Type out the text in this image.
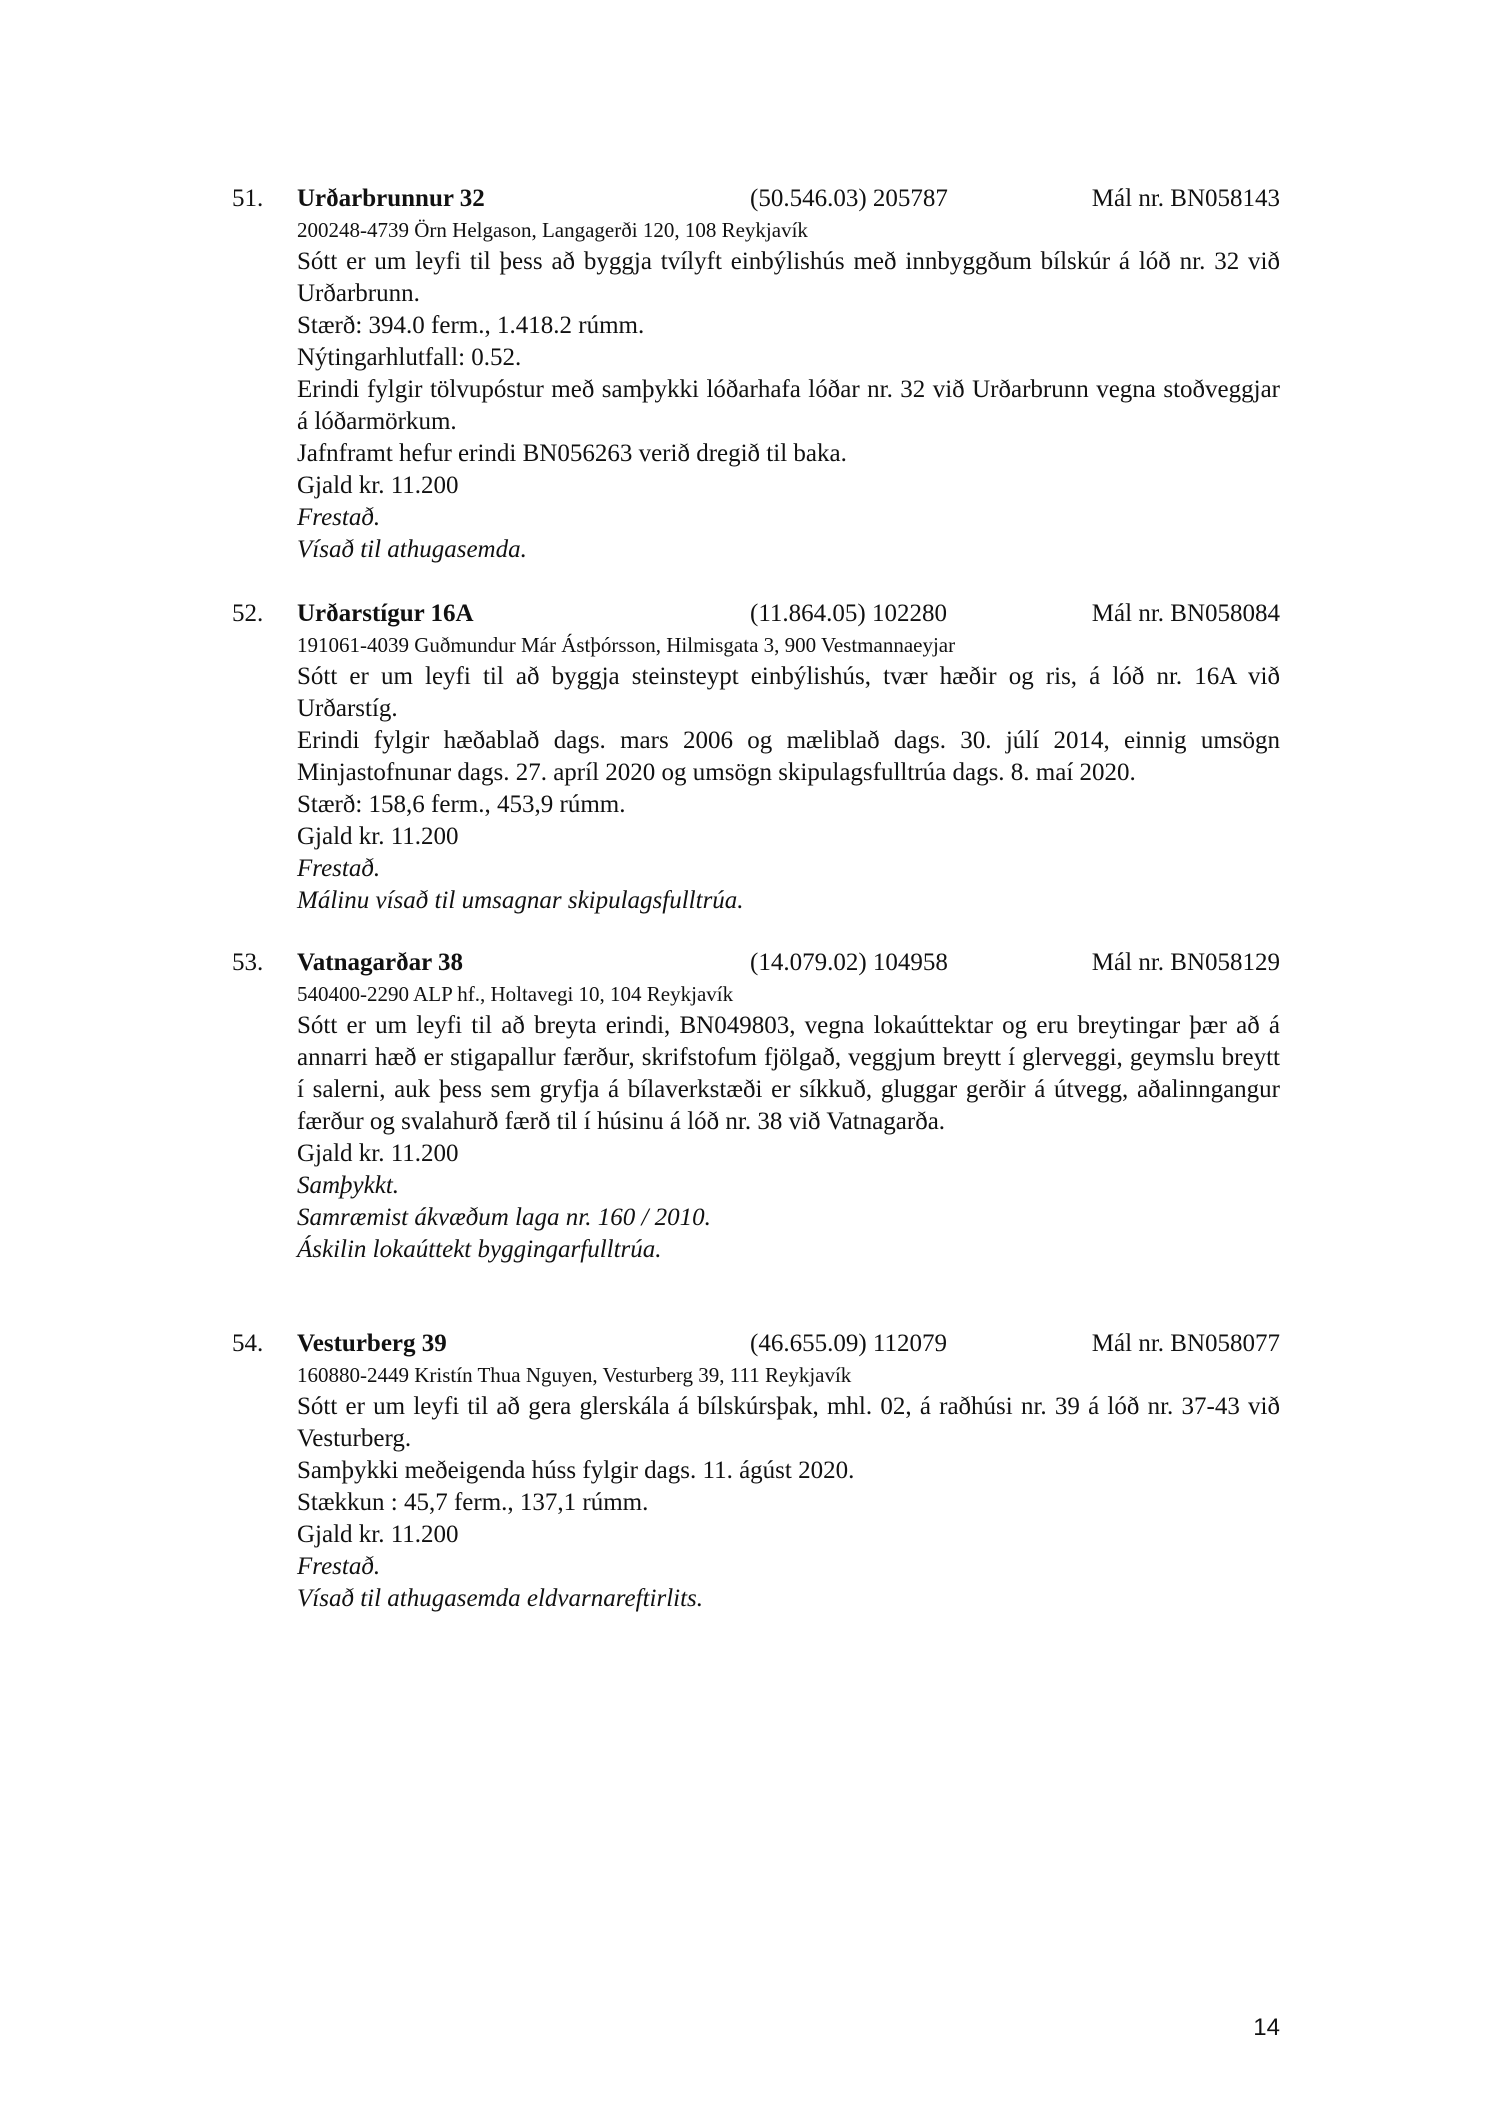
51. Urðarbrunnur 32	(50.546.03) 205787	Mál nr. BN058143
200248-4739 Örn Helgason, Langagerði 120, 108 Reykjavík
Sótt er um leyfi til þess að byggja tvílyft einbýlishús með innbyggðum bílskúr á lóð nr. 32 við Urðarbrunn.
Stærð: 394.0 ferm., 1.418.2 rúmm.
Nýtingarhlutfall: 0.52.
Erindi fylgir tölvupóstur með samþykki lóðarhafa lóðar nr. 32 við Urðarbrunn vegna stoðveggjar á lóðarmörkum.
Jafnframt hefur erindi BN056263 verið dregið til baka.
Gjald kr. 11.200
Frestað.
Vísað til athugasemda.
52. Urðarstígur 16A	(11.864.05) 102280	Mál nr. BN058084
191061-4039 Guðmundur Már Ástþórsson, Hilmisgata 3, 900 Vestmannaeyjar
Sótt er um leyfi til að byggja steinsteypt einbýlishús, tvær hæðir og ris, á lóð nr. 16A við Urðarstíg.
Erindi fylgir hæðablað dags. mars 2006 og mæliblað dags. 30. júlí 2014, einnig umsögn Minjastofnunar dags. 27. apríl 2020 og umsögn skipulagsfulltrúa dags. 8. maí 2020.
Stærð: 158,6 ferm., 453,9 rúmm.
Gjald kr. 11.200
Frestað.
Málinu vísað til umsagnar skipulagsfulltrúa.
53. Vatnagarðar 38	(14.079.02) 104958	Mál nr. BN058129
540400-2290 ALP hf., Holtavegi 10, 104 Reykjavík
Sótt er um leyfi til að breyta erindi, BN049803, vegna lokaúttektar og eru breytingar þær að á annarri hæð er stigapallur færður, skrifstofum fjölgað, veggjum breytt í glerveggi, geymslu breytt í salerni, auk þess sem gryfja á bílaverkstæði er síkkuð, gluggar gerðir á útvegg, aðalinngangur færður og svalahurð færð til í húsinu á lóð nr. 38 við Vatnagarða.
Gjald kr. 11.200
Samþykkt.
Samræmist ákvæðum laga nr. 160 / 2010.
Áskilin lokaúttekt byggingarfulltrúa.
54. Vesturberg 39	(46.655.09) 112079	Mál nr. BN058077
160880-2449 Kristín Thua Nguyen, Vesturberg 39, 111 Reykjavík
Sótt er um leyfi til að gera glerskála á bílskúrsþak, mhl. 02, á raðhúsi nr. 39 á lóð nr. 37-43 við Vesturberg.
Samþykki meðeigenda húss fylgir dags. 11. ágúst 2020.
Stækkun : 45,7 ferm., 137,1 rúmm.
Gjald kr. 11.200
Frestað.
Vísað til athugasemda eldvarnareftirlits.
14
